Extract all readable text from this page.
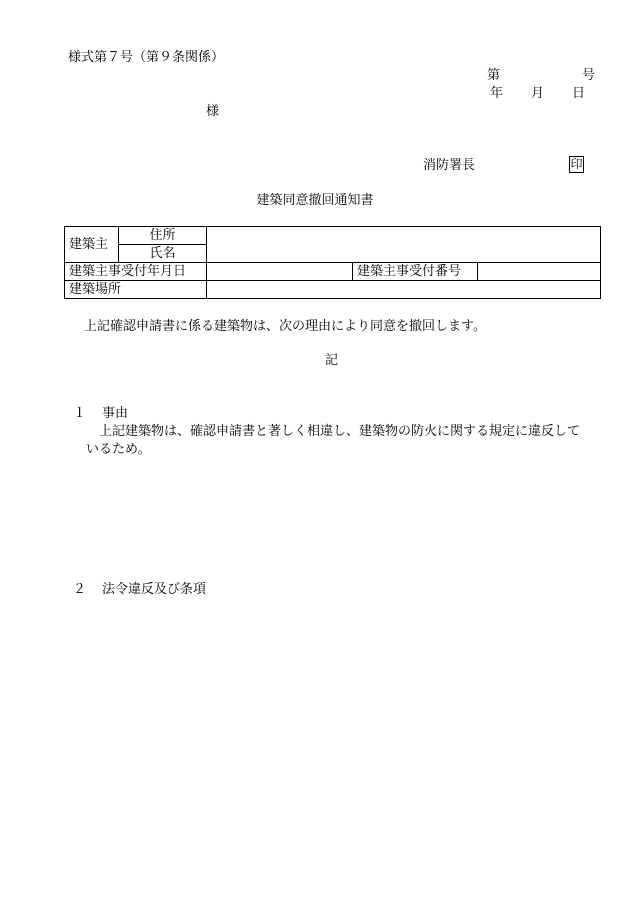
様式第７号（第９条関係）
第	号
年 月 日
様
消防署長	印
建築同意撤回通知書
建築主	住所			
	氏名			
建築主事受付年月日			建築主事受付番号	
建築場所				
上記確認申請書に係る建築物は、次の理由により同意を撤回します。
記
１ 事由
上記建築物は、確認申請書と著しく相違し、建築物の防火に関する規定に違反して
いるため。
２ 法令違反及び条項
